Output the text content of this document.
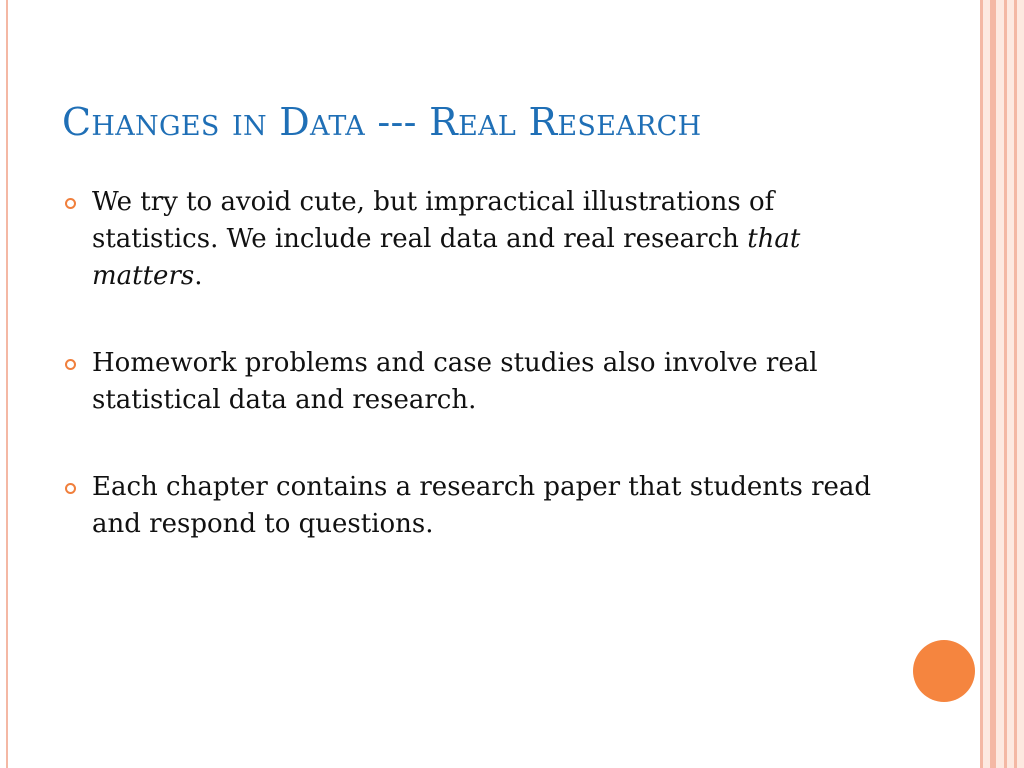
Changes in Data --- Real Research
We try to avoid cute, but impractical illustrations of statistics. We include real data and real research that matters.
Homework problems and case studies also involve real statistical data and research.
Each chapter contains a research paper that students read and respond to questions.
